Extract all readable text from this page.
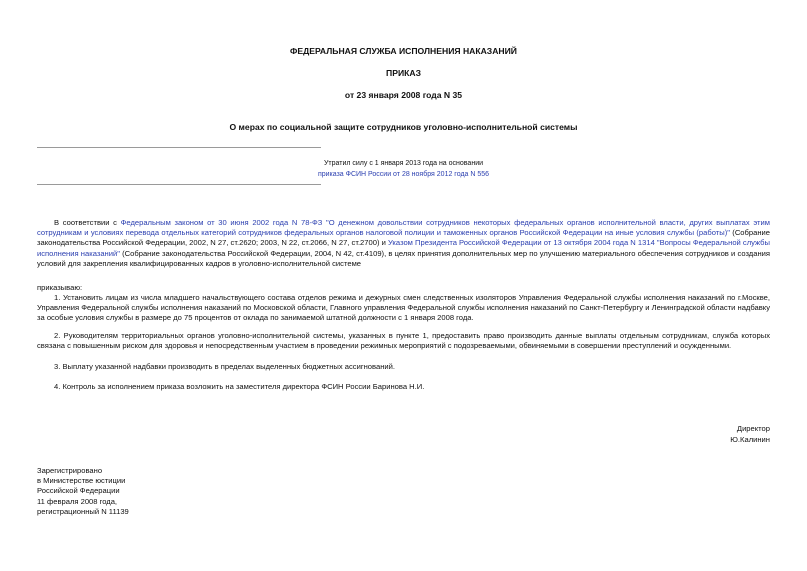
ФЕДЕРАЛЬНАЯ СЛУЖБА ИСПОЛНЕНИЯ НАКАЗАНИЙ
ПРИКАЗ
от 23 января 2008 года N 35
О мерах по социальной защите сотрудников уголовно-исполнительной системы
Утратил силу с 1 января 2013 года на основании
приказа ФСИН России от 28 ноября 2012 года N 556
В соответствии с Федеральным законом от 30 июня 2002 года N 78-ФЗ "О денежном довольствии сотрудников некоторых федеральных органов исполнительной власти, других выплатах этим сотрудникам и условиях перевода отдельных категорий сотрудников федеральных органов налоговой полиции и таможенных органов Российской Федерации на иные условия службы (работы)" (Собрание законодательства Российской Федерации, 2002, N 27, ст.2620; 2003, N 22, ст.2066, N 27, ст.2700) и Указом Президента Российской Федерации от 13 октября 2004 года N 1314 "Вопросы Федеральной службы исполнения наказаний" (Собрание законодательства Российской Федерации, 2004, N 42, ст.4109), в целях принятия дополнительных мер по улучшению материального обеспечения сотрудников и создания условий для закрепления квалифицированных кадров в уголовно-исполнительной системе
приказываю:
1. Установить лицам из числа младшего начальствующего состава отделов режима и дежурных смен следственных изоляторов Управления Федеральной службы исполнения наказаний по г.Москве, Управления Федеральной службы исполнения наказаний по Московской области, Главного управления Федеральной службы исполнения наказаний по Санкт-Петербургу и Ленинградской области надбавку за особые условия службы в размере до 75 процентов от оклада по занимаемой штатной должности с 1 января 2008 года.
2. Руководителям территориальных органов уголовно-исполнительной системы, указанных в пункте 1, предоставить право производить данные выплаты отдельным сотрудникам, служба которых связана с повышенным риском для здоровья и непосредственным участием в проведении режимных мероприятий с подозреваемыми, обвиняемыми в совершении преступлений и осужденными.
3. Выплату указанной надбавки производить в пределах выделенных бюджетных ассигнований.
4. Контроль за исполнением приказа возложить на заместителя директора ФСИН России Баринова Н.И.
Директор
Ю.Калинин
Зарегистрировано
в Министерстве юстиции
Российской Федерации
11 февраля 2008 года,
регистрационный N 11139
